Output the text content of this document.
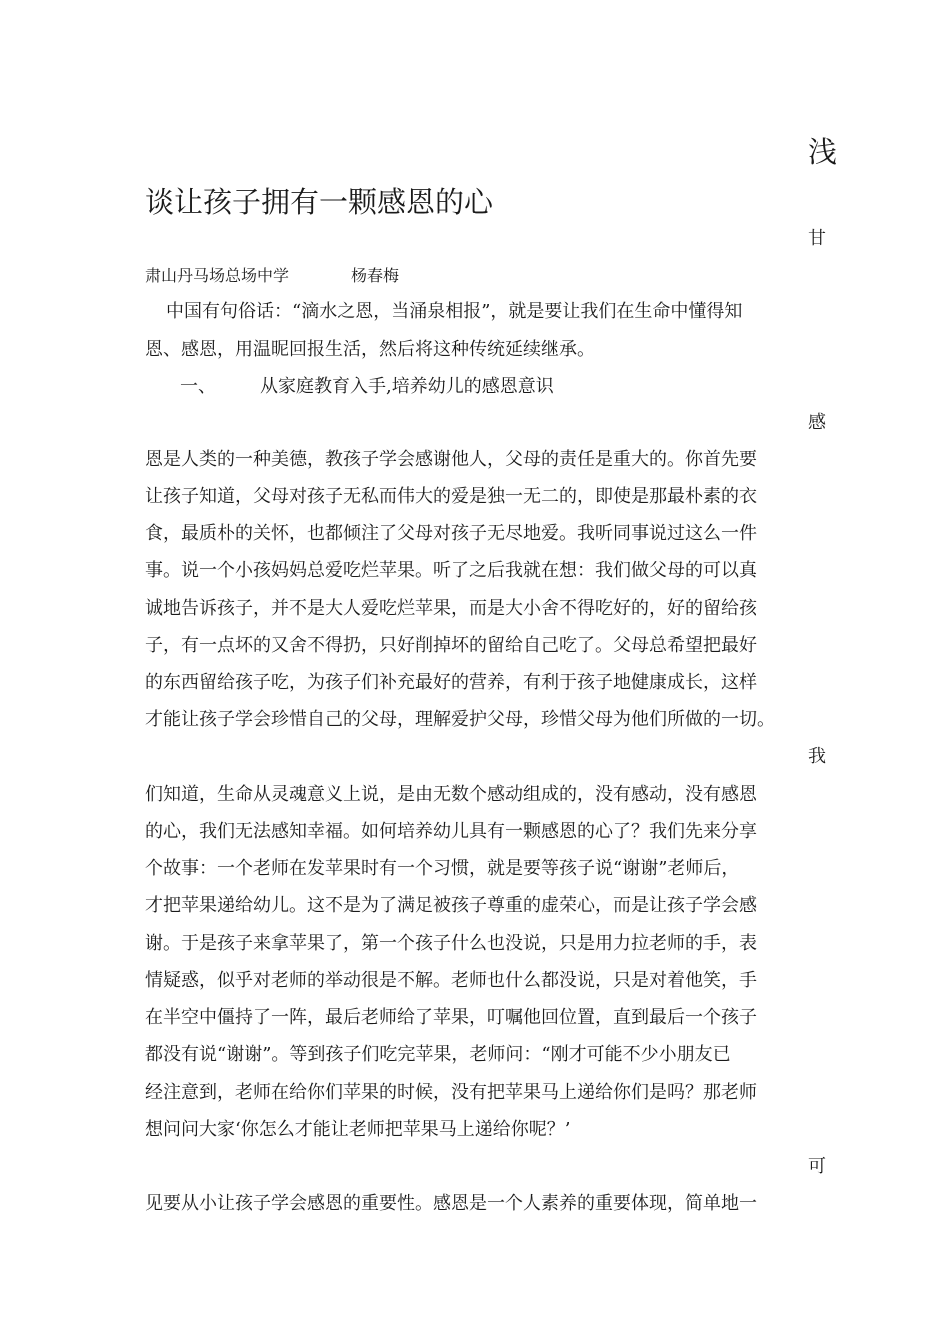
浅
谈让孩子拥有一颗感恩的心
甘
肃山丹马场总场中学	杨春梅
中国有句俗话：“滴水之恩，当涌泉相报”，就是要让我们在生命中懂得知
恩、感恩，用温昵回报生活，然后将这种传统延续继承。
一、 从家庭教育入手,培养幼儿的感恩意识
感
恩是人类的一种美德，教孩子学会感谢他人，父母的责任是重大的。你首先要
让孩子知道，父母对孩子无私而伟大的爱是独一无二的，即使是那最朴素的衣
食，最质朴的关怀，也都倾注了父母对孩子无尽地爱。我听同事说过这么一件
事。说一个小孩妈妈总爱吃烂苹果。听了之后我就在想：我们做父母的可以真
诚地告诉孩子，并不是大人爱吃烂苹果，而是大小舍不得吃好的，好的留给孩
子，有一点坏的又舍不得扔，只好削掉坏的留给自己吃了。父母总希望把最好
的东西留给孩子吃，为孩子们补充最好的营养，有利于孩子地健康成长，这样
才能让孩子学会珍惜自己的父母，理解爱护父母，珍惜父母为他们所做的一切。
我
们知道，生命从灵魂意义上说，是由无数个感动组成的，没有感动，没有感恩
的心，我们无法感知幸福。如何培养幼儿具有一颗感恩的心了？我们先来分享
个故事：一个老师在发苹果时有一个习惯，就是要等孩子说“谢谢”老师后，
才把苹果递给幼儿。这不是为了满足被孩子尊重的虚荣心，而是让孩子学会感
谢。于是孩子来拿苹果了，第一个孩子什么也没说，只是用力拉老师的手，表
情疑惑，似乎对老师的举动很是不解。老师也什么都没说，只是对着他笑，手
在半空中僵持了一阵，最后老师给了苹果，叮嘱他回位置，直到最后一个孩子
都没有说“谢谢”。等到孩子们吃完苹果，老师问：“刚才可能不少小朋友已
经注意到，老师在给你们苹果的时候，没有把苹果马上递给你们是吗？那老师
想问问大家‘你怎么才能让老师把苹果马上递给你呢？’
可
见要从小让孩子学会感恩的重要性。感恩是一个人素养的重要体现，简单地一
